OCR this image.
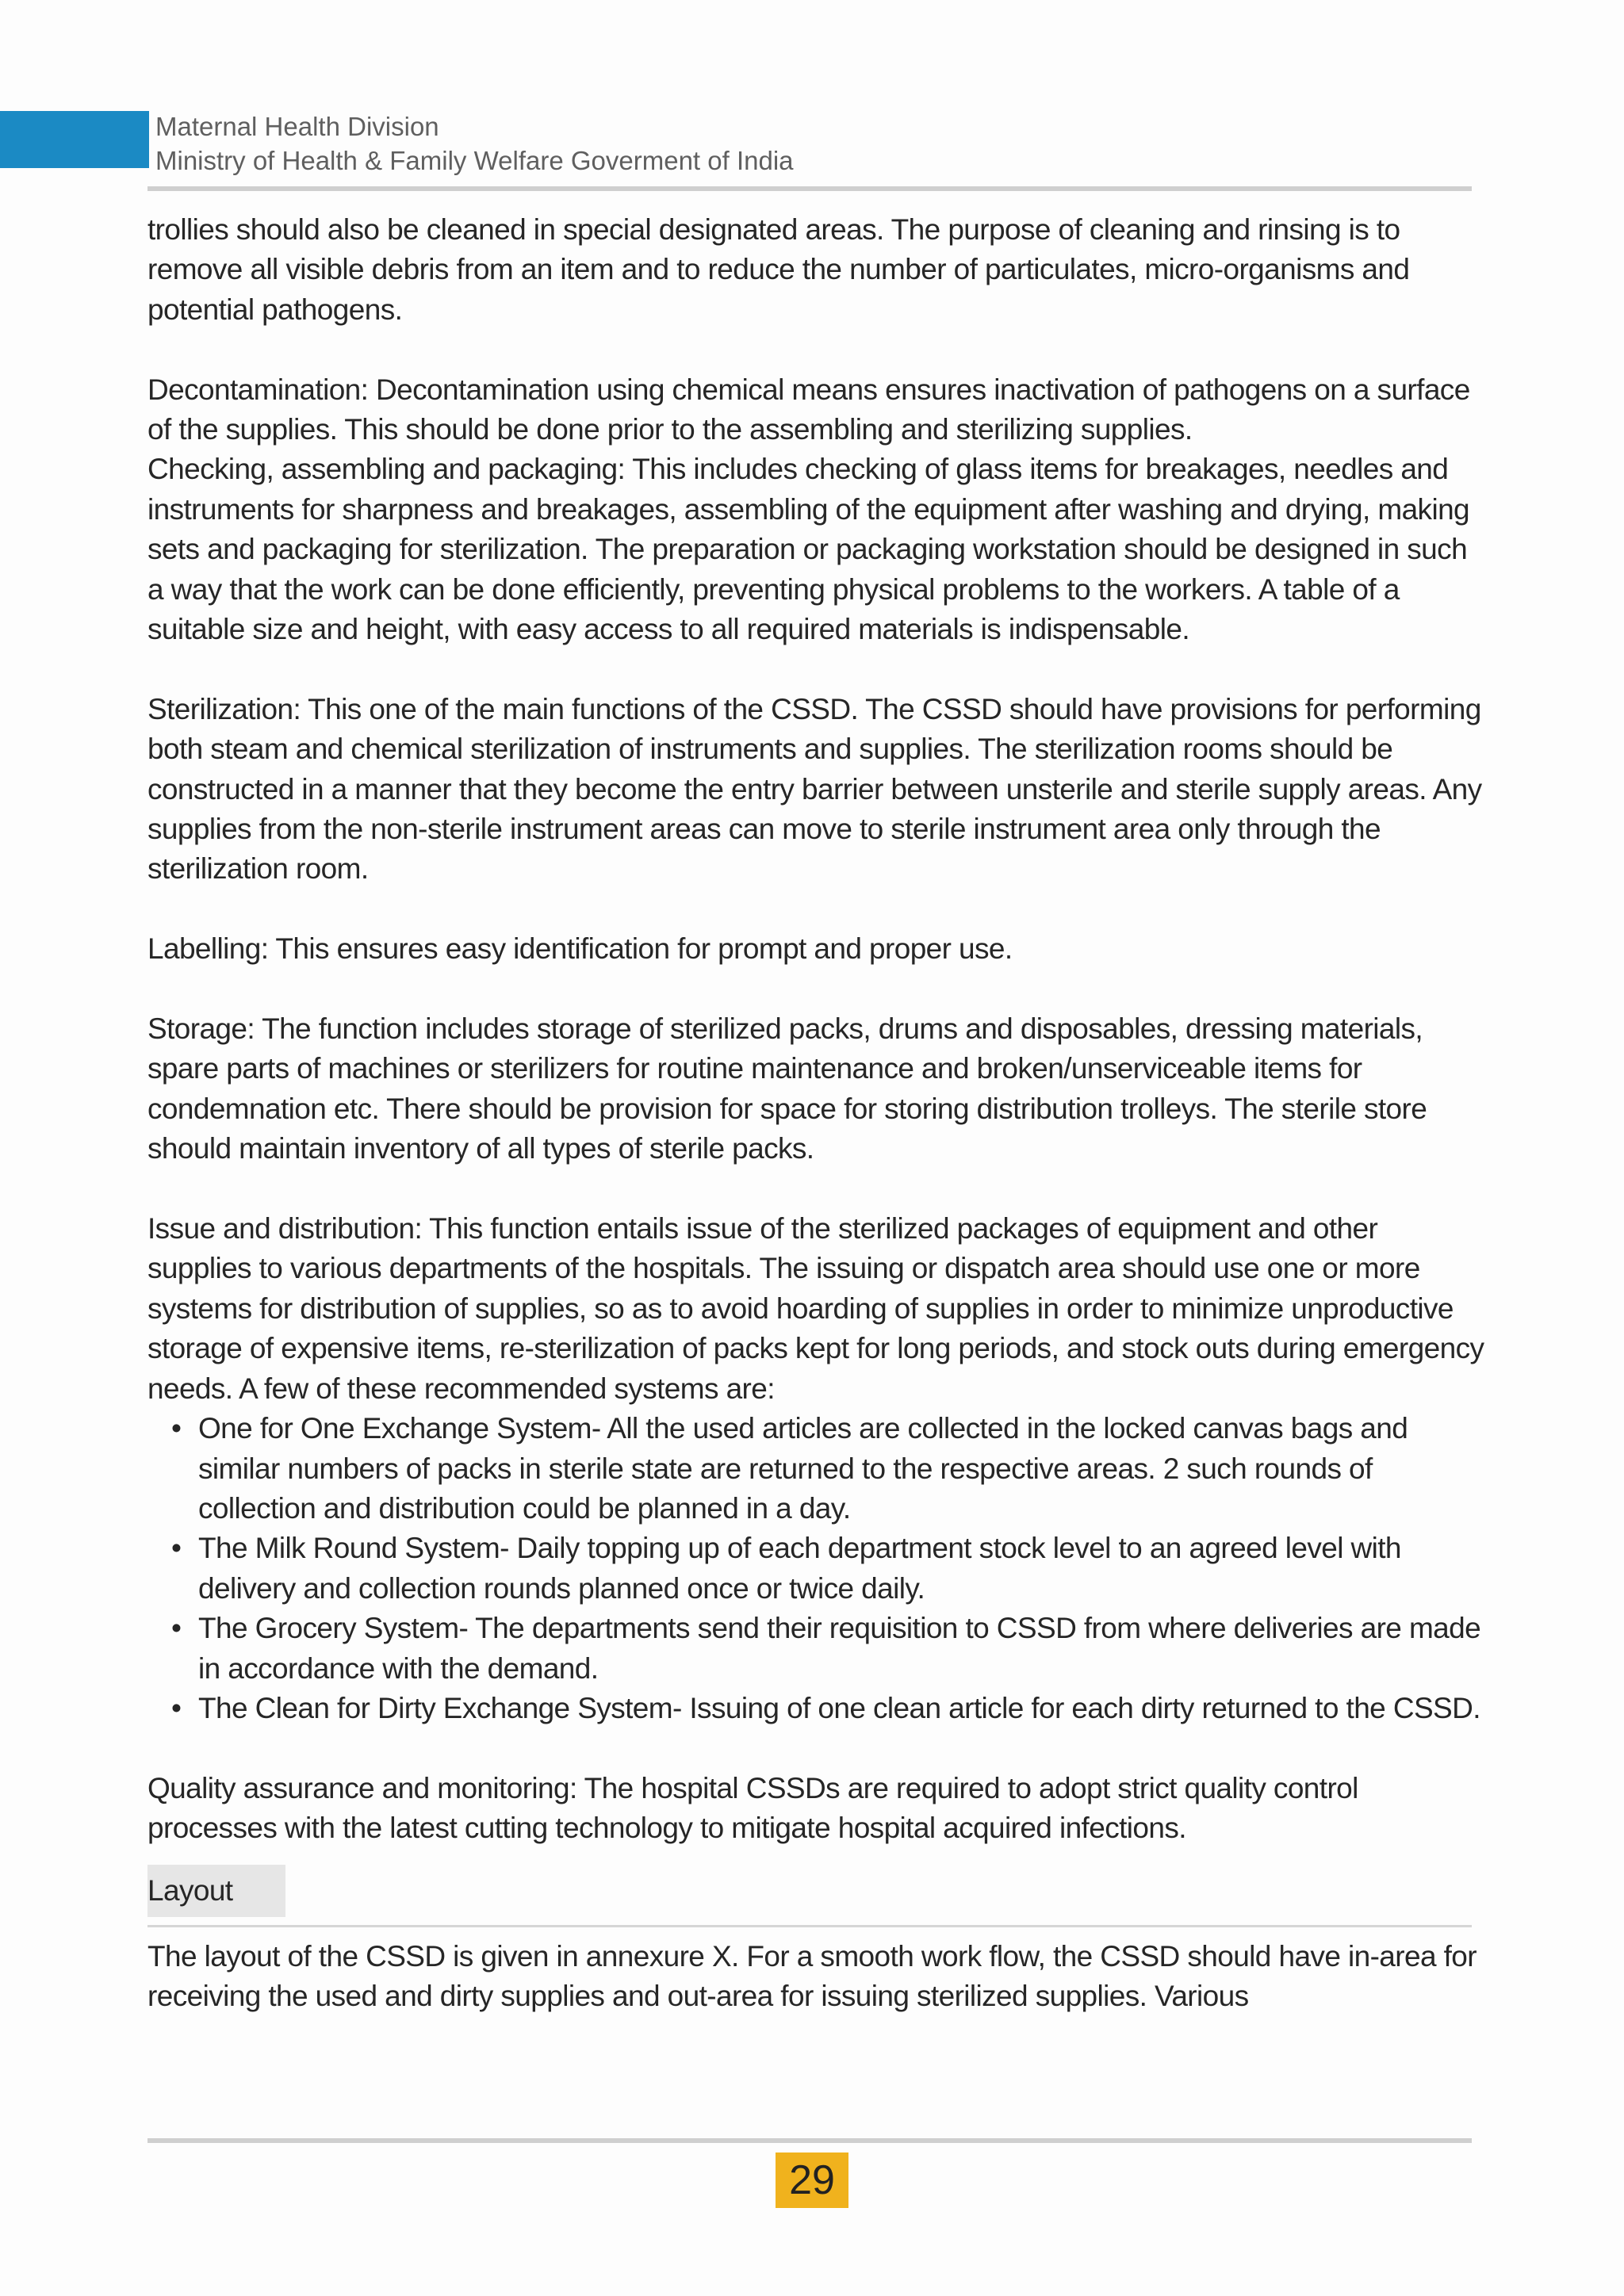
Maternal Health Division
Ministry of Health & Family Welfare Goverment of India

trollies should also be cleaned in special designated areas. The purpose of cleaning and rinsing is to remove all visible debris from an item and to reduce the number of particulates, micro-organisms and potential pathogens.

Decontamination: Decontamination using chemical means ensures inactivation of pathogens on a surface of the supplies. This should be done prior to the assembling and sterilizing supplies.

Checking, assembling and packaging: This includes checking of glass items for breakages, needles and instruments for sharpness and breakages, assembling of the equipment after washing and drying, making sets and packaging for sterilization. The preparation or packaging workstation should be designed in such a way that the work can be done efficiently, preventing physical problems to the workers. A table of a suitable size and height, with easy access to all required materials is indispensable.

Sterilization: This one of the main functions of the CSSD. The CSSD should have provisions for performing both steam and chemical sterilization of instruments and supplies. The sterilization rooms should be constructed in a manner that they become the entry barrier between unsterile and sterile supply areas. Any supplies from the non-sterile instrument areas can move to sterile instrument area only through the sterilization room.

Labelling: This ensures easy identification for prompt and proper use.

Storage: The function includes storage of sterilized packs, drums and disposables, dressing materials, spare parts of machines or sterilizers for routine maintenance and broken/unserviceable items for condemnation etc. There should be provision for space for storing distribution trolleys. The sterile store should maintain inventory of all types of sterile packs.

Issue and distribution: This function entails issue of the sterilized packages of equipment and other supplies to various departments of the hospitals. The issuing or dispatch area should use one or more systems for distribution of supplies, so as to avoid hoarding of supplies in order to minimize unproductive storage of expensive items, re-sterilization of packs kept for long periods, and stock outs during emergency needs. A few of these recommended systems are:

• One for One Exchange System- All the used articles are collected in the locked canvas bags and similar numbers of packs in sterile state are returned to the respective areas. 2 such rounds of collection and distribution could be planned in a day.
• The Milk Round System- Daily topping up of each department stock level to an agreed level with delivery and collection rounds planned once or twice daily.
• The Grocery System- The departments send their requisition to CSSD from where deliveries are made in accordance with the demand.
• The Clean for Dirty Exchange System- Issuing of one clean article for each dirty returned to the CSSD.

Quality assurance and monitoring: The hospital CSSDs are required to adopt strict quality control processes with the latest cutting technology to mitigate hospital acquired infections.

Layout

The layout of the CSSD is given in annexure X. For a smooth work flow, the CSSD should have in-area for receiving the used and dirty supplies and out-area for issuing sterilized supplies. Various

29
